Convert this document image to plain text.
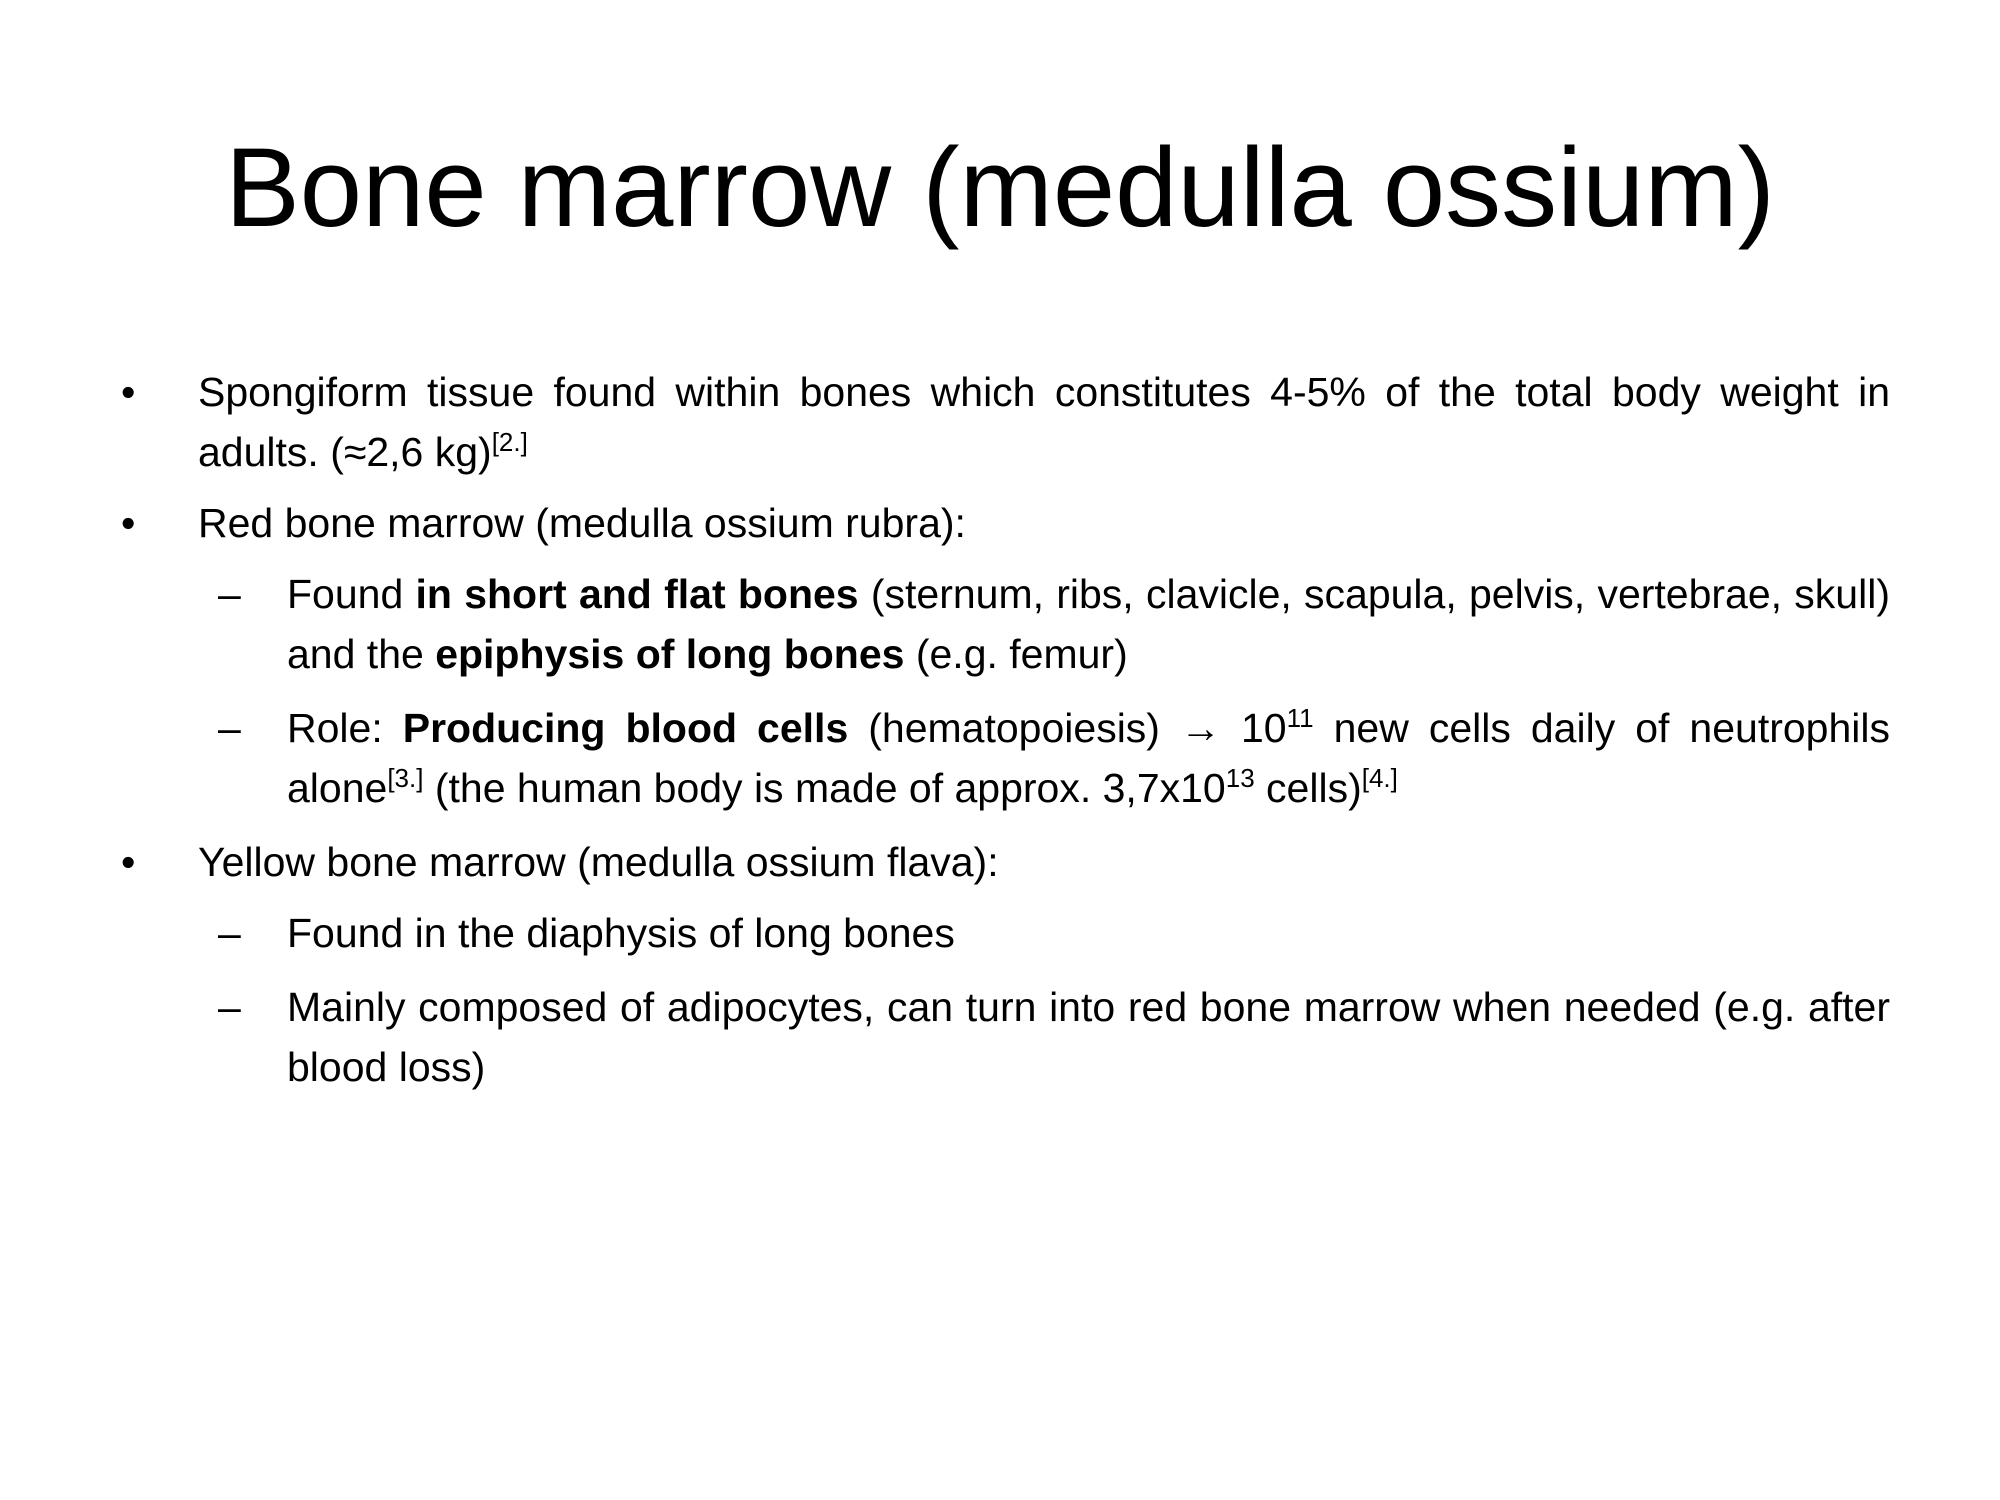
Bone marrow (medulla ossium)
• Spongiform tissue found within bones which constitutes 4-5% of the total body weight in adults. (≈2,6 kg)[2.]
• Red bone marrow (medulla ossium rubra):
– Found in short and flat bones (sternum, ribs, clavicle, scapula, pelvis, vertebrae, skull) and the epiphysis of long bones (e.g. femur)
– Role: Producing blood cells (hematopoiesis) → $10^{11}$ new cells daily of neutrophils alone[3.] (the human body is made of approx. $3,7x10^{13}$ cells)[4.]
• Yellow bone marrow (medulla ossium flava):
– Found in the diaphysis of long bones
– Mainly composed of adipocytes, can turn into red bone marrow when needed (e.g. after blood loss)
